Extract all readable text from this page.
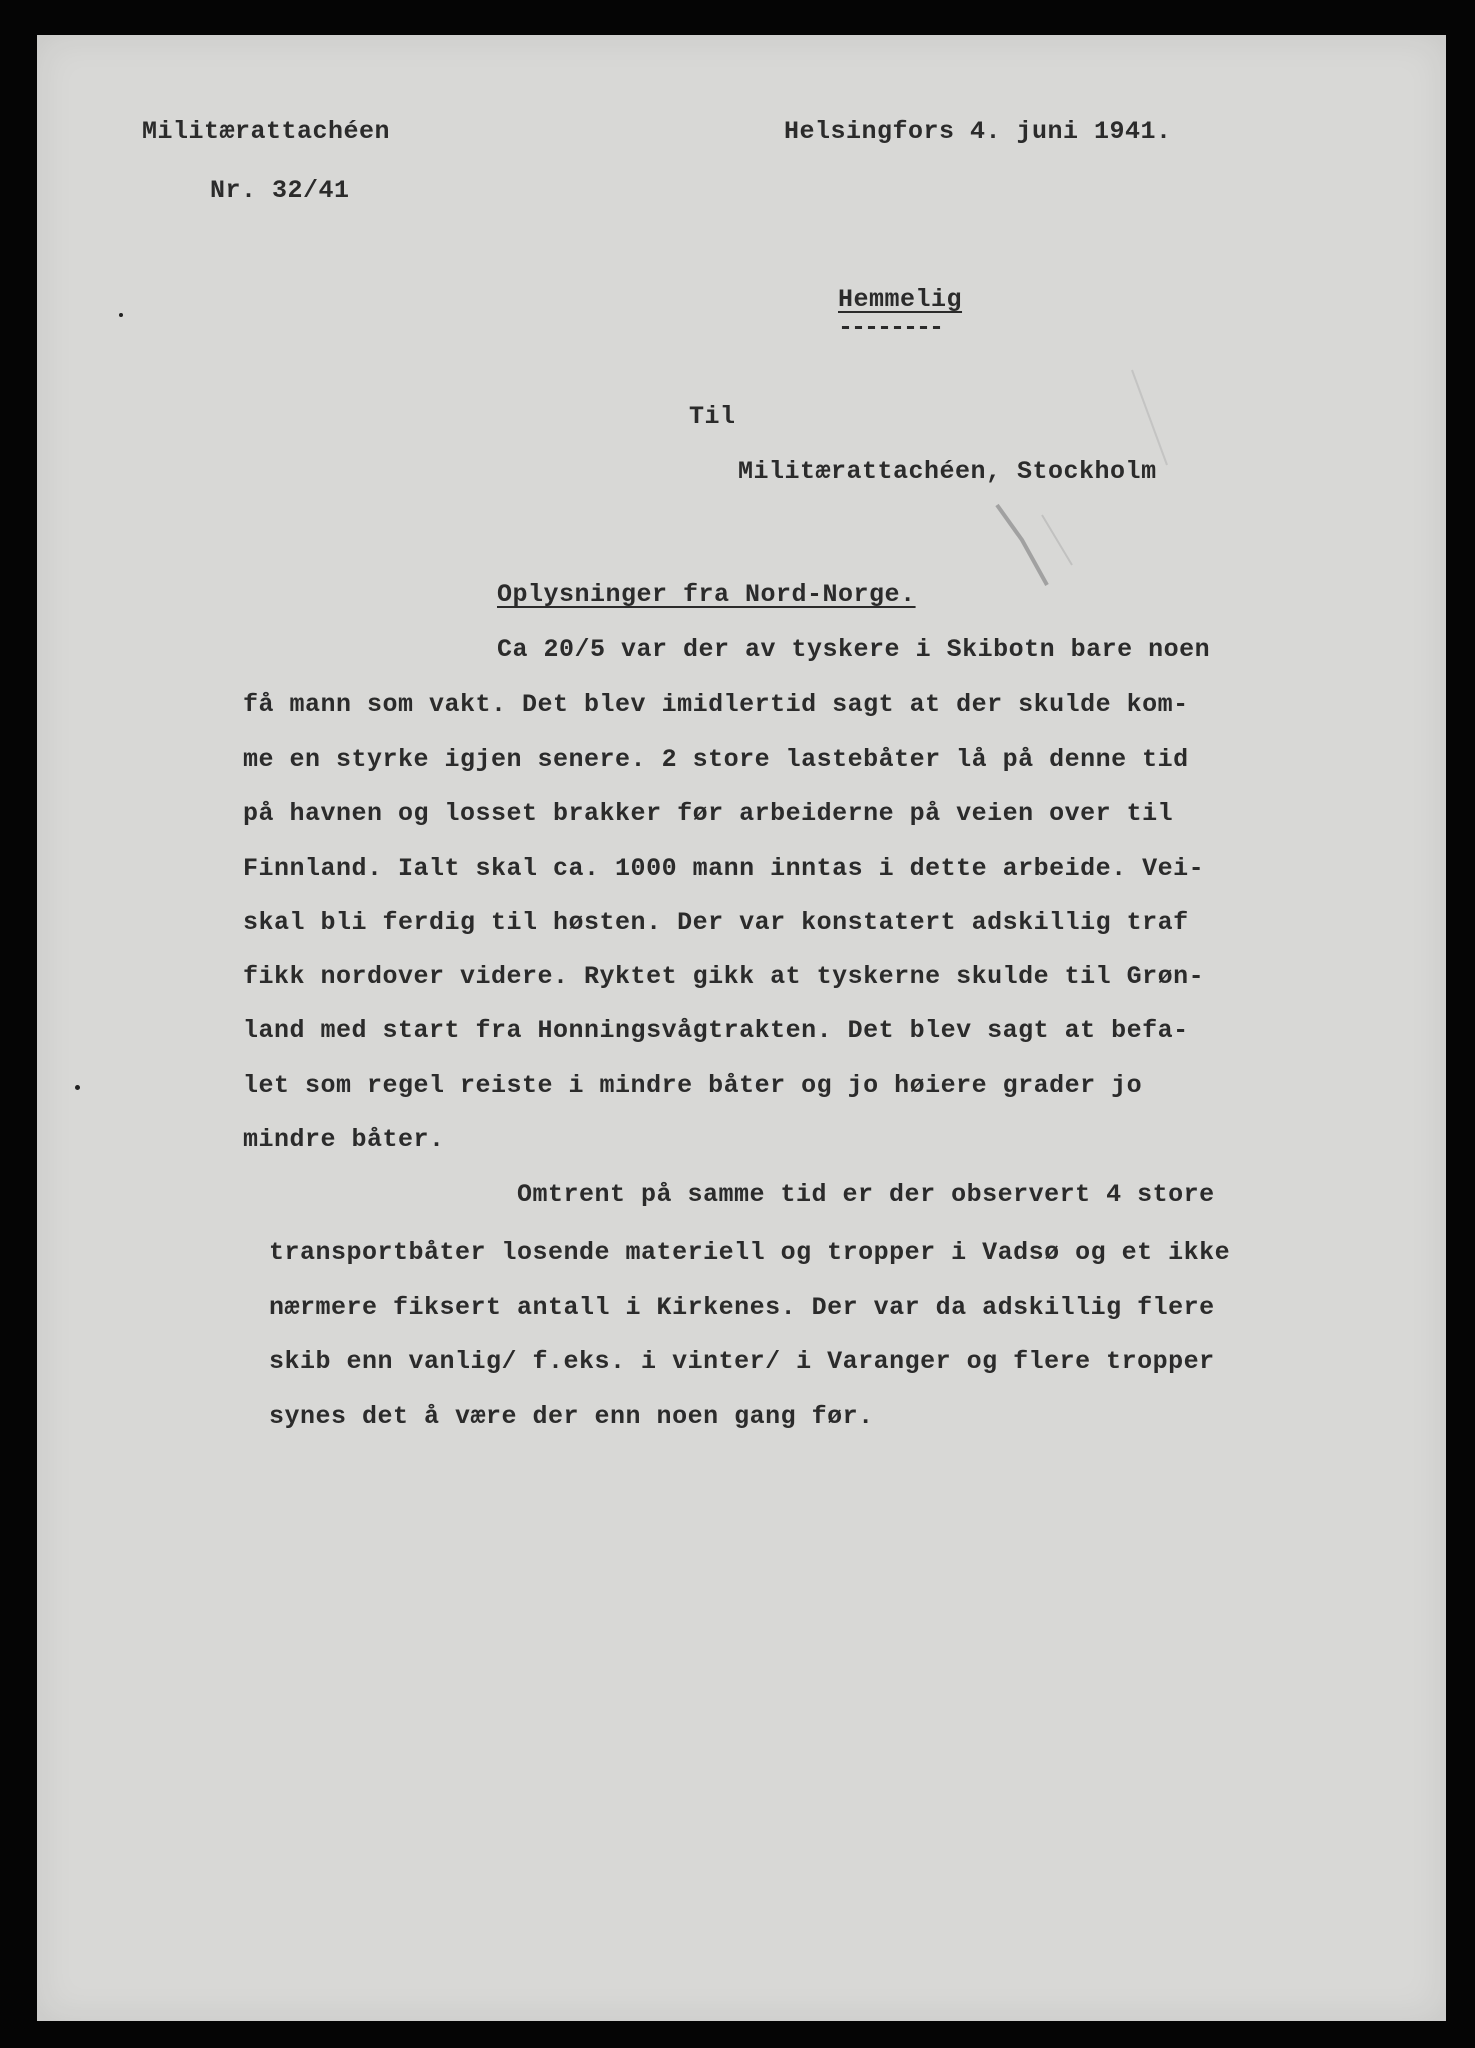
Militærattachéen

Nr. 32/41

Helsingfors 4. juni 1941.

Hemmelig

--------

Til

Militærattachéen, Stockholm

Oplysninger fra Nord-Norge.

Ca 20/5 var der av tyskere i Skibotn bare noen

få mann som vakt. Det blev imidlertid sagt at der skulde kom-

me en styrke igjen senere. 2 store lastebåter lå på denne tid

på havnen og losset brakker før arbeiderne på veien over til

Finnland. Ialt skal ca. 1000 mann inntas i dette arbeide. Vei-

skal bli ferdig til høsten. Der var konstatert adskillig traf

fikk nordover videre. Ryktet gikk at tyskerne skulde til Grøn-

land med start fra Honningsvågtrakten. Det blev sagt at befa-

let som regel reiste i mindre båter og jo høiere grader jo

mindre båter.

Omtrent på samme tid er der observert 4 store

transportbåter losende materiell og tropper i Vadsø og et ikke

nærmere fiksert antall i Kirkenes. Der var da adskillig flere

skib enn vanlig/ f.eks. i vinter/ i Varanger og flere tropper

synes det å være der enn noen gang før.
